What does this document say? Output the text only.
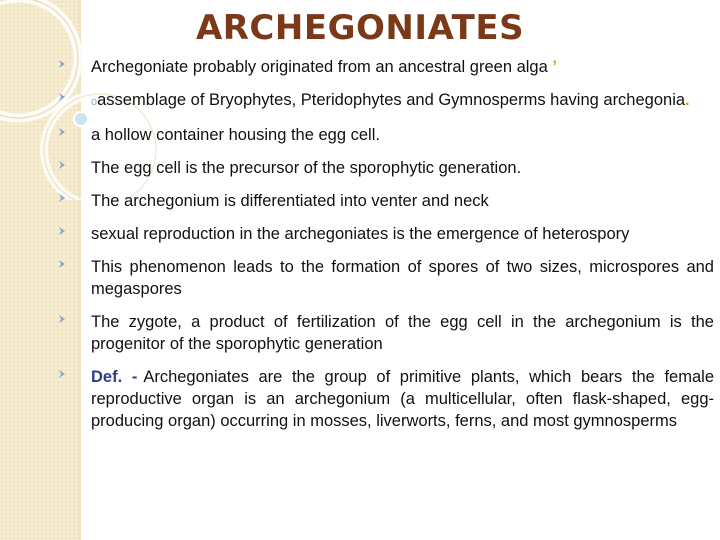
ARCHEGONIATES
Archegoniate probably originated from an ancestral green alga ’
oassemblage of Bryophytes, Pteridophytes and Gymnosperms having archegonia.
a hollow container housing the egg cell.
The egg cell is the precursor of the sporophytic generation.
The archegonium is differentiated into venter and neck
sexual reproduction in the archegoniates is the emergence of heterospory
This phenomenon leads to the formation of spores of two sizes, microspores and megaspores
The zygote, a product of fertilization of the egg cell in the archegonium is the progenitor of the sporophytic generation
Def. - Archegoniates are the group of primitive plants, which bears the female reproductive organ is an archegonium (a multicellular, often flask-shaped, egg-producing organ) occurring in mosses, liverworts, ferns, and most gymnosperms
